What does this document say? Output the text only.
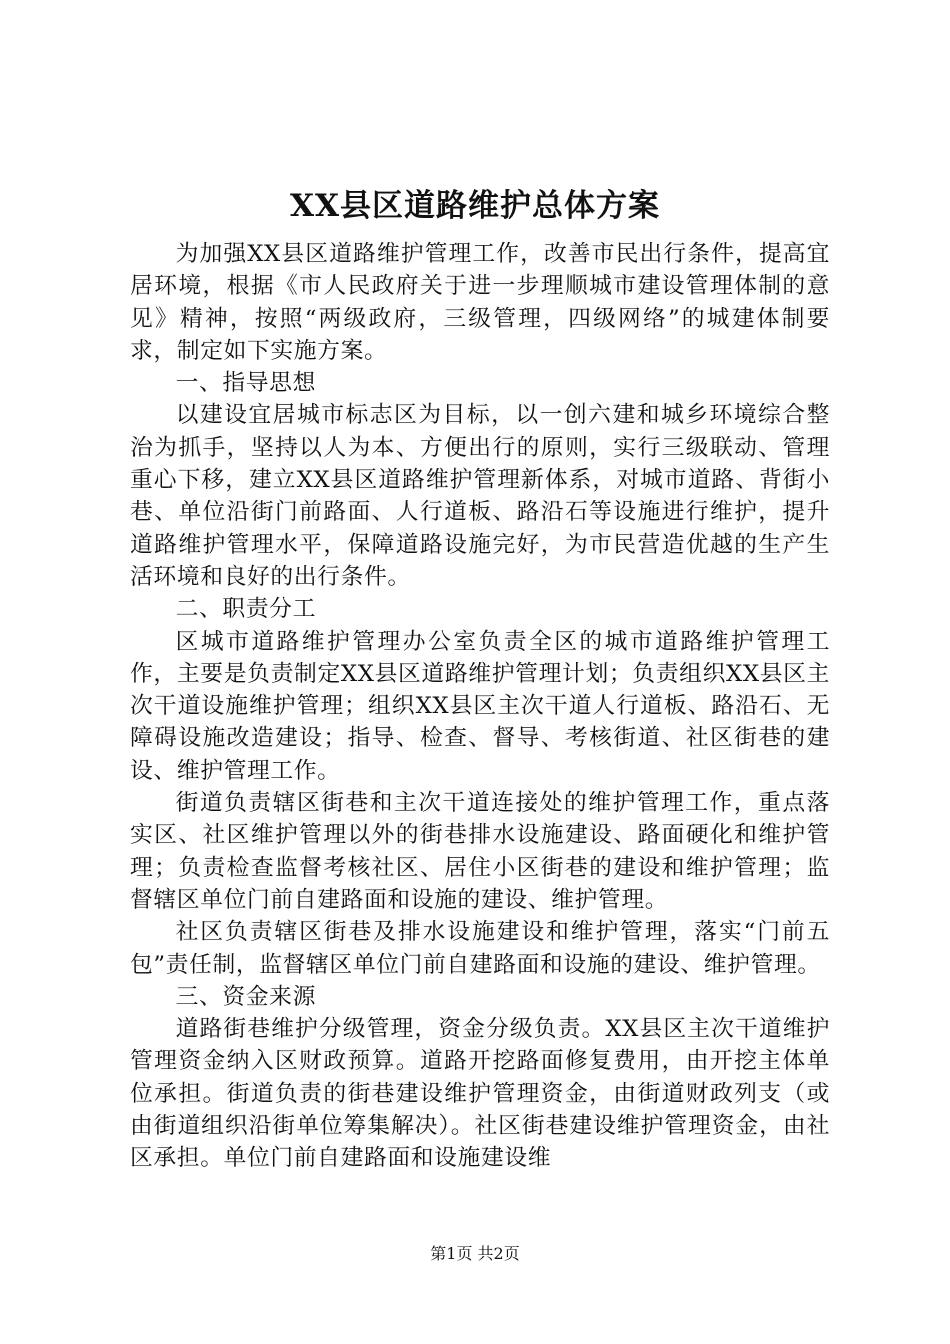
XX县区道路维护总体方案

为加强XX县区道路维护管理工作，改善市民出行条件，提高宜居环境，根据《市人民政府关于进一步理顺城市建设管理体制的意见》精神，按照“两级政府，三级管理，四级网络”的城建体制要求，制定如下实施方案。

一、指导思想

以建设宜居城市标志区为目标，以一创六建和城乡环境综合整治为抓手，坚持以人为本、方便出行的原则，实行三级联动、管理重心下移，建立XX县区道路维护管理新体系，对城市道路、背街小巷、单位沿街门前路面、人行道板、路沿石等设施进行维护，提升道路维护管理水平，保障道路设施完好，为市民营造优越的生产生活环境和良好的出行条件。

二、职责分工

区城市道路维护管理办公室负责全区的城市道路维护管理工作，主要是负责制定XX县区道路维护管理计划；负责组织XX县区主次干道设施维护管理；组织XX县区主次干道人行道板、路沿石、无障碍设施改造建设；指导、检查、督导、考核街道、社区街巷的建设、维护管理工作。

街道负责辖区街巷和主次干道连接处的维护管理工作，重点落实区、社区维护管理以外的街巷排水设施建设、路面硬化和维护管理；负责检查监督考核社区、居住小区街巷的建设和维护管理；监督辖区单位门前自建路面和设施的建设、维护管理。

社区负责辖区街巷及排水设施建设和维护管理，落实“门前五包”责任制，监督辖区单位门前自建路面和设施的建设、维护管理。

三、资金来源

道路街巷维护分级管理，资金分级负责。XX县区主次干道维护管理资金纳入区财政预算。道路开挖路面修复费用，由开挖主体单位承担。街道负责的街巷建设维护管理资金，由街道财政列支（或由街道组织沿街单位筹集解决）。社区街巷建设维护管理资金，由社区承担。单位门前自建路面和设施建设维

第1页 共2页
